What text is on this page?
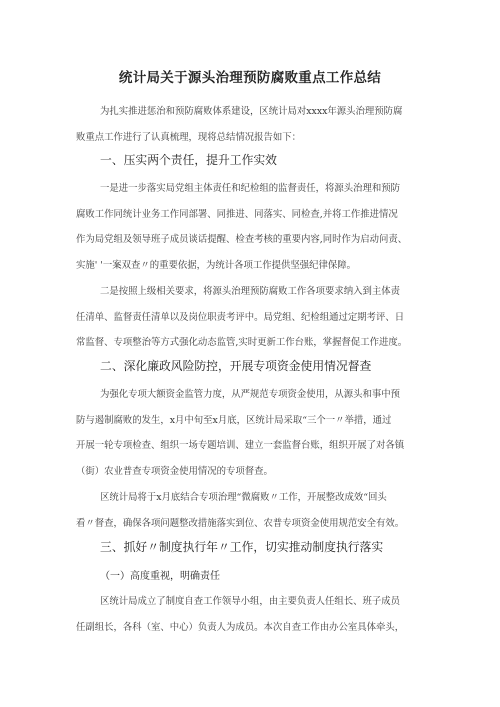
统计局关于源头治理预防腐败重点工作总结
为扎实推进惩治和预防腐败体系建设，区统计局对xxxx年源头治理预防腐
败重点工作进行了认真梳理，现将总结情况报告如下：
一、压实两个责任，提升工作实效
一是进一步落实局党组主体责任和纪检组的监督责任，将源头治理和预防
腐败工作同统计业务工作同部署、同推进、同落实、同检查,并将工作推进情况
作为局党组及领导班子成员谈话提醒、检查考核的重要内容,同时作为启动问责、
实施' '一案双查〃的重要依据，为统计各项工作提供坚强纪律保障。
二是按照上级相关要求，将源头治理预防腐败工作各项要求纳入到主体责
任清单、监督责任清单以及岗位职责考评中。局党组、纪检组通过定期考评、日
常监督、专项整治等方式强化动态监管,实时更新工作台账，掌握督促工作进度。
二、深化廉政风险防控，开展专项资金使用情况督查
为强化专项大额资金监管力度，从严规范专项资金使用，从源头和事中预
防与遏制腐败的发生，x月中旬至x月底，区统计局采取“三个一〃举措，通过
开展一轮专项检查、组织一场专题培训、建立一套监督台账，组织开展了对各镇
（街）农业普查专项资金使用情况的专项督查。
区统计局将于x月底结合专项治理“微腐败〃工作，开展整改成效“回头
看〃督查，确保各项问题整改措施落实到位、农普专项资金使用规范安全有效。
三、抓好〃制度执行年〃工作，切实推动制度执行落实
（一）高度重视，明确责任
区统计局成立了制度自查工作领导小组，由主要负责人任组长、班子成员
任副组长，各科（室、中心）负责人为成员。本次自查工作由办公室具体牵头，
